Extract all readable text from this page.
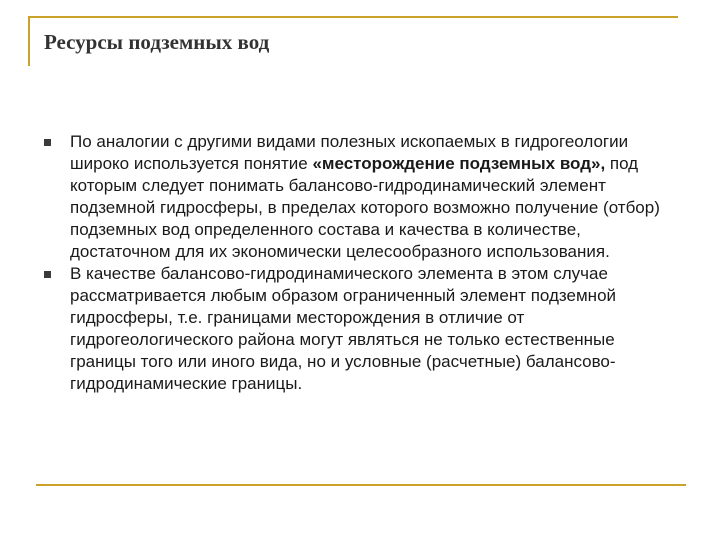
Ресурсы подземных вод

По аналогии с другими видами полезных ископаемых в гидрогеологии широко используется понятие «месторождение подземных вод», под которым следует понимать балансово-гидродинамический элемент подземной гидросферы, в пределах которого возможно получение (отбор) подземных вод определенного состава и качества в количестве, достаточном для их экономически целесообразного использования.

В качестве балансово-гидродинамического элемента в этом случае рассматривается любым образом ограниченный элемент подземной гидросферы, т.е. границами месторождения в отличие от гидрогеологического района могут являться не только естественные границы того или иного вида, но и условные (расчетные) балансово-гидродинамические границы.
